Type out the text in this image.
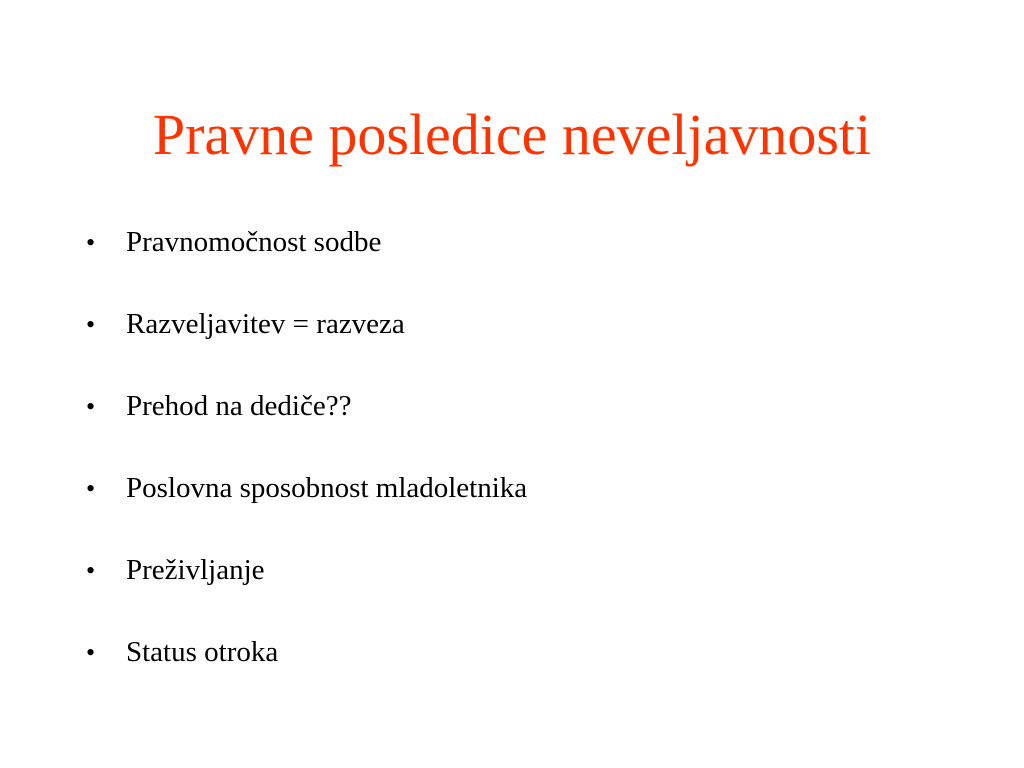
Pravne posledice neveljavnosti
•	Pravnomočnost sodbe
•	Razveljavitev = razveza
•	Prehod na dediče??
•	Poslovna sposobnost mladoletnika
•	Preživljanje
•	Status otroka
